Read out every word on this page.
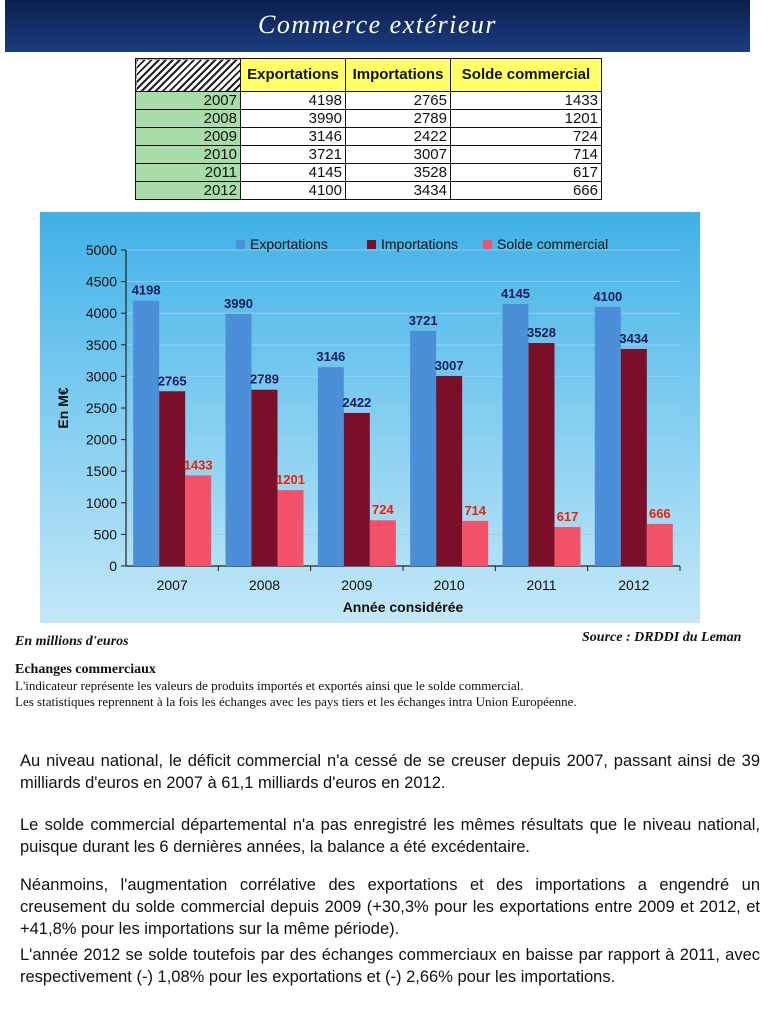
Commerce extérieur
	Exportations	Importations	Solde commercial
2007	4198	2765	1433
2008	3990	2789	1201
2009	3146	2422	724
2010	3721	3007	714
2011	4145	3528	617
2012	4100	3434	666
0
500
1000
1500
2000
2500
3000
3500
4000
4500
5000
4198
2765
1433
2007
3990
2789
1201
2008
3146
2422
724
2009
3721
3007
714
2010
4145
3528
617
2011
4100
3434
666
2012
En M€
Année considérée
Exportations	Importations	Solde commercial
En millions d'euros	Source : DRDDI du Leman
Echanges commerciaux
L'indicateur représente les valeurs de produits importés et exportés ainsi que le solde commercial.
Les statistiques reprennent à la fois les échanges avec les pays tiers et les échanges intra Union Européenne.
Au niveau national, le déficit commercial n'a cessé de se creuser depuis 2007, passant ainsi de 39 milliards d'euros en 2007 à 61,1 milliards d'euros en 2012.
Le solde commercial départemental n'a pas enregistré les mêmes résultats que le niveau national, puisque durant les 6 dernières années, la balance a été excédentaire.
Néanmoins, l'augmentation corrélative des exportations et des importations a engendré un creusement du solde commercial depuis 2009 (+30,3% pour les exportations entre 2009 et 2012, et +41,8% pour les importations sur la même période).
L'année 2012 se solde toutefois par des échanges commerciaux en baisse par rapport à 2011, avec respectivement (-) 1,08% pour les exportations et (-) 2,66% pour les importations.
